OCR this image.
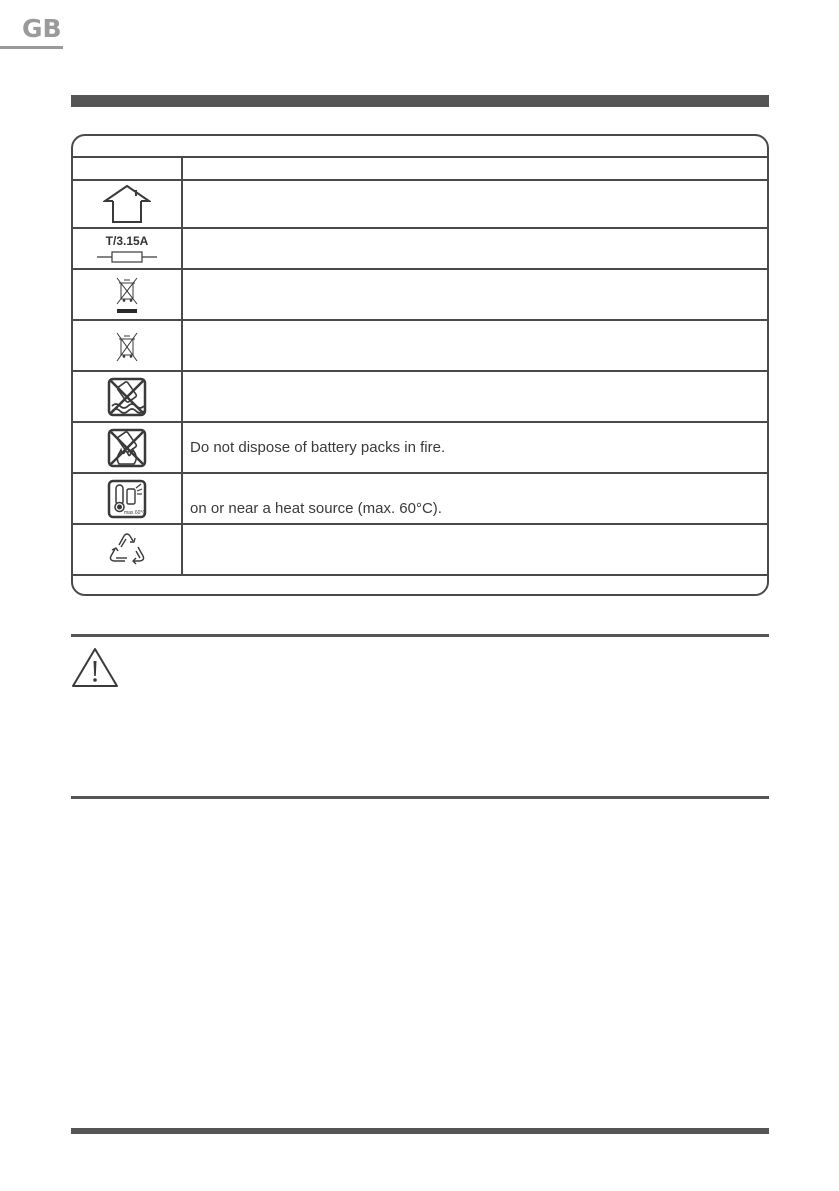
GB
T/3.15A
Do not dispose of battery packs in fire.
max.60°C	on or near a heat source (max. 60°C).
